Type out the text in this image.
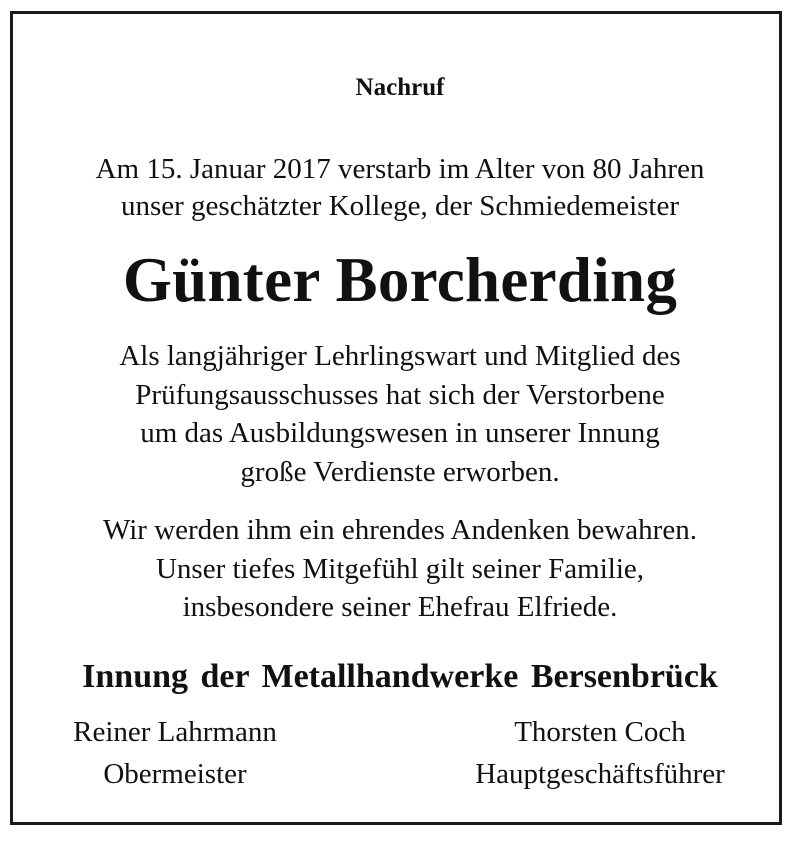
Nachruf
Am 15. Januar 2017 verstarb im Alter von 80 Jahren
unser geschätzter Kollege, der Schmiedemeister
Günter Borcherding
Als langjähriger Lehrlingswart und Mitglied des
Prüfungsausschusses hat sich der Verstorbene
um das Ausbildungswesen in unserer Innung
große Verdienste erworben.
Wir werden ihm ein ehrendes Andenken bewahren.
Unser tiefes Mitgefühl gilt seiner Familie,
insbesondere seiner Ehefrau Elfriede.
Innung der Metallhandwerke Bersenbrück
Reiner Lahrmann
Obermeister
Thorsten Coch
Hauptgeschäftsführer
